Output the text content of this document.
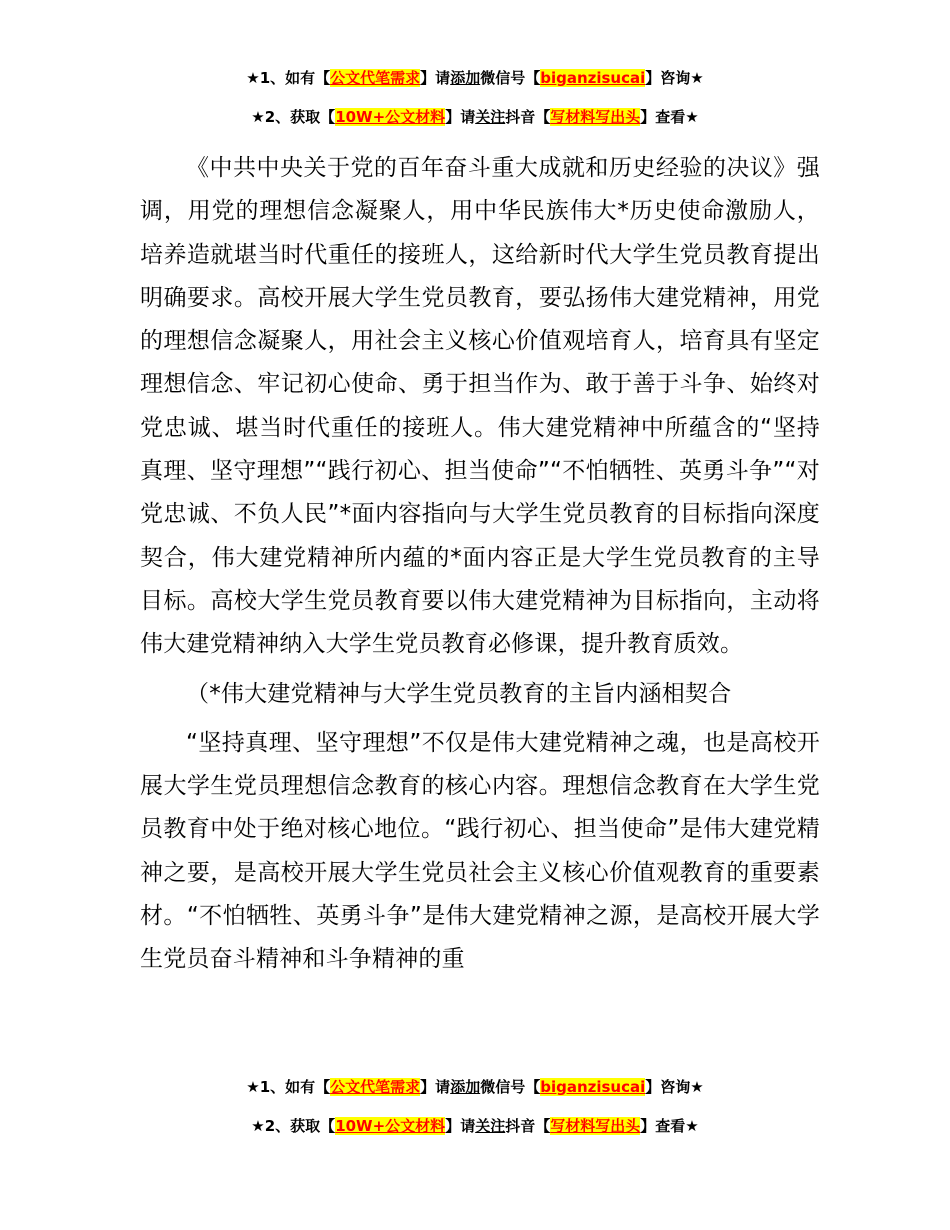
★1、如有【公文代笔需求】请添加微信号【biganzisucai】咨询★
★2、获取【10W+公文材料】请关注抖音【写材料写出头】查看★

《中共中央关于党的百年奋斗重大成就和历史经验的决议》强调，用党的理想信念凝聚人，用中华民族伟大*历史使命激励人，培养造就堪当时代重任的接班人，这给新时代大学生党员教育提出明确要求。高校开展大学生党员教育，要弘扬伟大建党精神，用党的理想信念凝聚人，用社会主义核心价值观培育人，培育具有坚定理想信念、牢记初心使命、勇于担当作为、敢于善于斗争、始终对党忠诚、堪当时代重任的接班人。伟大建党精神中所蕴含的“坚持真理、坚守理想”“践行初心、担当使命”“不怕牺牲、英勇斗争”“对党忠诚、不负人民”*面内容指向与大学生党员教育的目标指向深度契合，伟大建党精神所内蕴的*面内容正是大学生党员教育的主导目标。高校大学生党员教育要以伟大建党精神为目标指向，主动将伟大建党精神纳入大学生党员教育必修课，提升教育质效。

（*伟大建党精神与大学生党员教育的主旨内涵相契合

“坚持真理、坚守理想”不仅是伟大建党精神之魂，也是高校开展大学生党员理想信念教育的核心内容。理想信念教育在大学生党员教育中处于绝对核心地位。“践行初心、担当使命”是伟大建党精神之要，是高校开展大学生党员社会主义核心价值观教育的重要素材。“不怕牺牲、英勇斗争”是伟大建党精神之源，是高校开展大学生党员奋斗精神和斗争精神的重

★1、如有【公文代笔需求】请添加微信号【biganzisucai】咨询★
★2、获取【10W+公文材料】请关注抖音【写材料写出头】查看★
